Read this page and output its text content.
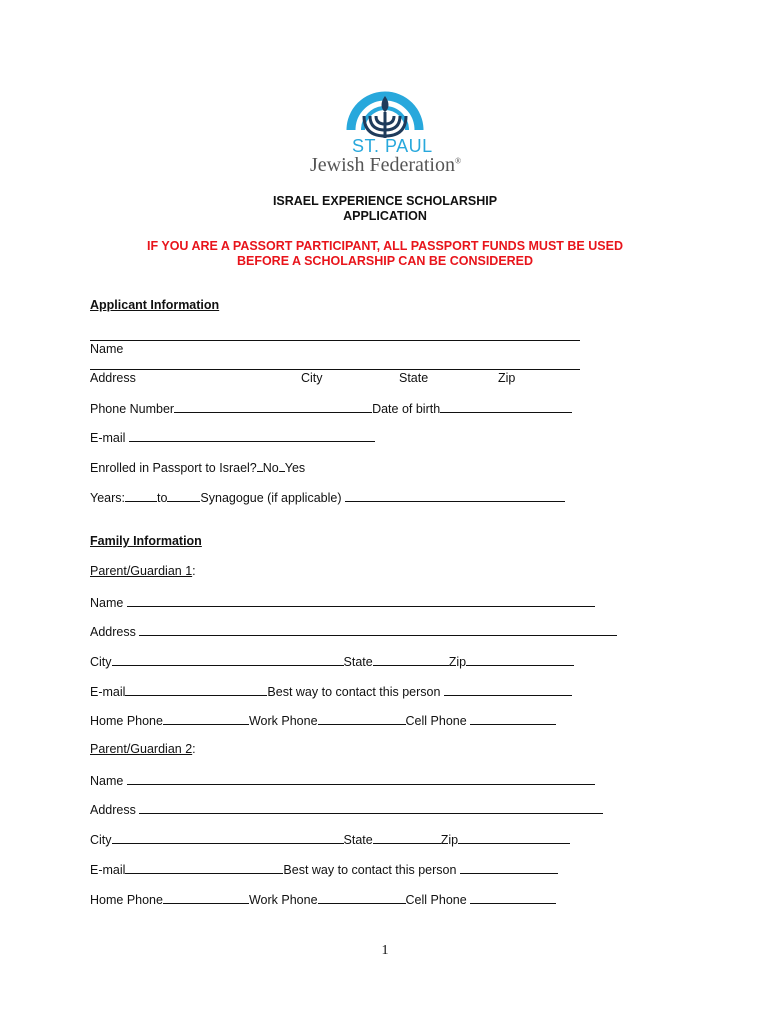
ST. PAUL
Jewish Federation®
ISRAEL EXPERIENCE SCHOLARSHIP
APPLICATION
IF YOU ARE A PASSORT PARTICIPANT, ALL PASSPORT FUNDS MUST BE USED
BEFORE A SCHOLARSHIP CAN BE CONSIDERED
Applicant Information
Name
Address	City	State	Zip
Phone Number	Date of birth
E-mail
Enrolled in Passport to Israel? No Yes
Years:	to	Synagogue (if applicable)
Family Information
Parent/Guardian 1:
Name
Address
City	State	Zip
E-mail	Best way to contact this person
Home Phone	Work Phone	Cell Phone
Parent/Guardian 2:
Name
Address
City	State	Zip
E-mail	Best way to contact this person
Home Phone	Work Phone	Cell Phone
1
